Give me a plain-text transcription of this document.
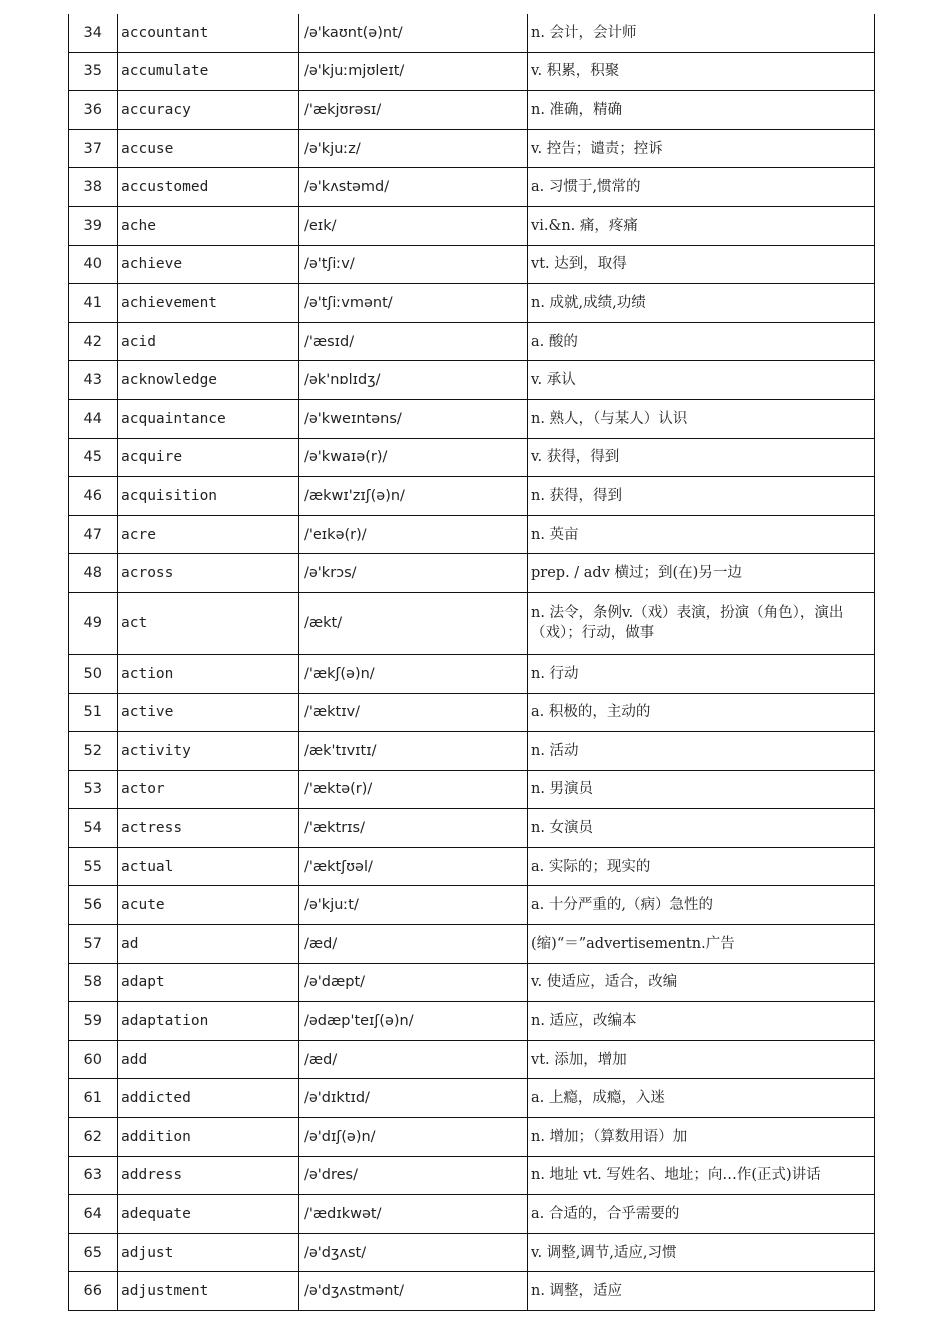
34	accountant	/ə'kaʊnt(ə)nt/	n. 会计，会计师
35	accumulate	/ə'kjuːmjʊleɪt/	v. 积累，积聚
36	accuracy	/'ækjʊrəsɪ/	n. 准确，精确
37	accuse	/ə'kjuːz/	v. 控告；谴责；控诉
38	accustomed	/ə'kʌstəmd/	a. 习惯于,惯常的
39	ache	/eɪk/	vi.&n. 痛，疼痛
40	achieve	/ə'tʃiːv/	vt. 达到，取得
41	achievement	/ə'tʃiːvmənt/	n. 成就,成绩,功绩
42	acid	/'æsɪd/	a. 酸的
43	acknowledge	/ək'nɒlɪdʒ/	v. 承认
44	acquaintance	/ə'kweɪntəns/	n. 熟人，（与某人）认识
45	acquire	/ə'kwaɪə(r)/	v. 获得，得到
46	acquisition	/ækwɪ'zɪʃ(ə)n/	n. 获得，得到
47	acre	/'eɪkə(r)/	n. 英亩
48	across	/ə'krɔs/	prep. / adv 横过；到(在)另一边
49	act	/ækt/	n. 法令，条例v.（戏）表演，扮演（角色），演出（戏）；行动，做事
50	action	/'ækʃ(ə)n/	n. 行动
51	active	/'æktɪv/	a. 积极的，主动的
52	activity	/æk'tɪvɪtɪ/	n. 活动
53	actor	/'æktə(r)/	n. 男演员
54	actress	/'æktrɪs/	n. 女演员
55	actual	/'æktʃʊəl/	a. 实际的；现实的
56	acute	/ə'kjuːt/	a. 十分严重的,（病）急性的
57	ad	/æd/	(缩)“＝”advertisementn.广告
58	adapt	/ə'dæpt/	v. 使适应，适合，改编
59	adaptation	/ədæp'teɪʃ(ə)n/	n. 适应，改编本
60	add	/æd/	vt. 添加，增加
61	addicted	/ə'dɪktɪd/	a. 上瘾，成瘾，入迷
62	addition	/ə'dɪʃ(ə)n/	n. 增加；（算数用语）加
63	address	/ə'dres/	n. 地址 vt. 写姓名、地址；向…作(正式)讲话
64	adequate	/'ædɪkwət/	a. 合适的，合乎需要的
65	adjust	/ə'dʒʌst/	v. 调整,调节,适应,习惯
66	adjustment	/ə'dʒʌstmənt/	n. 调整，适应
